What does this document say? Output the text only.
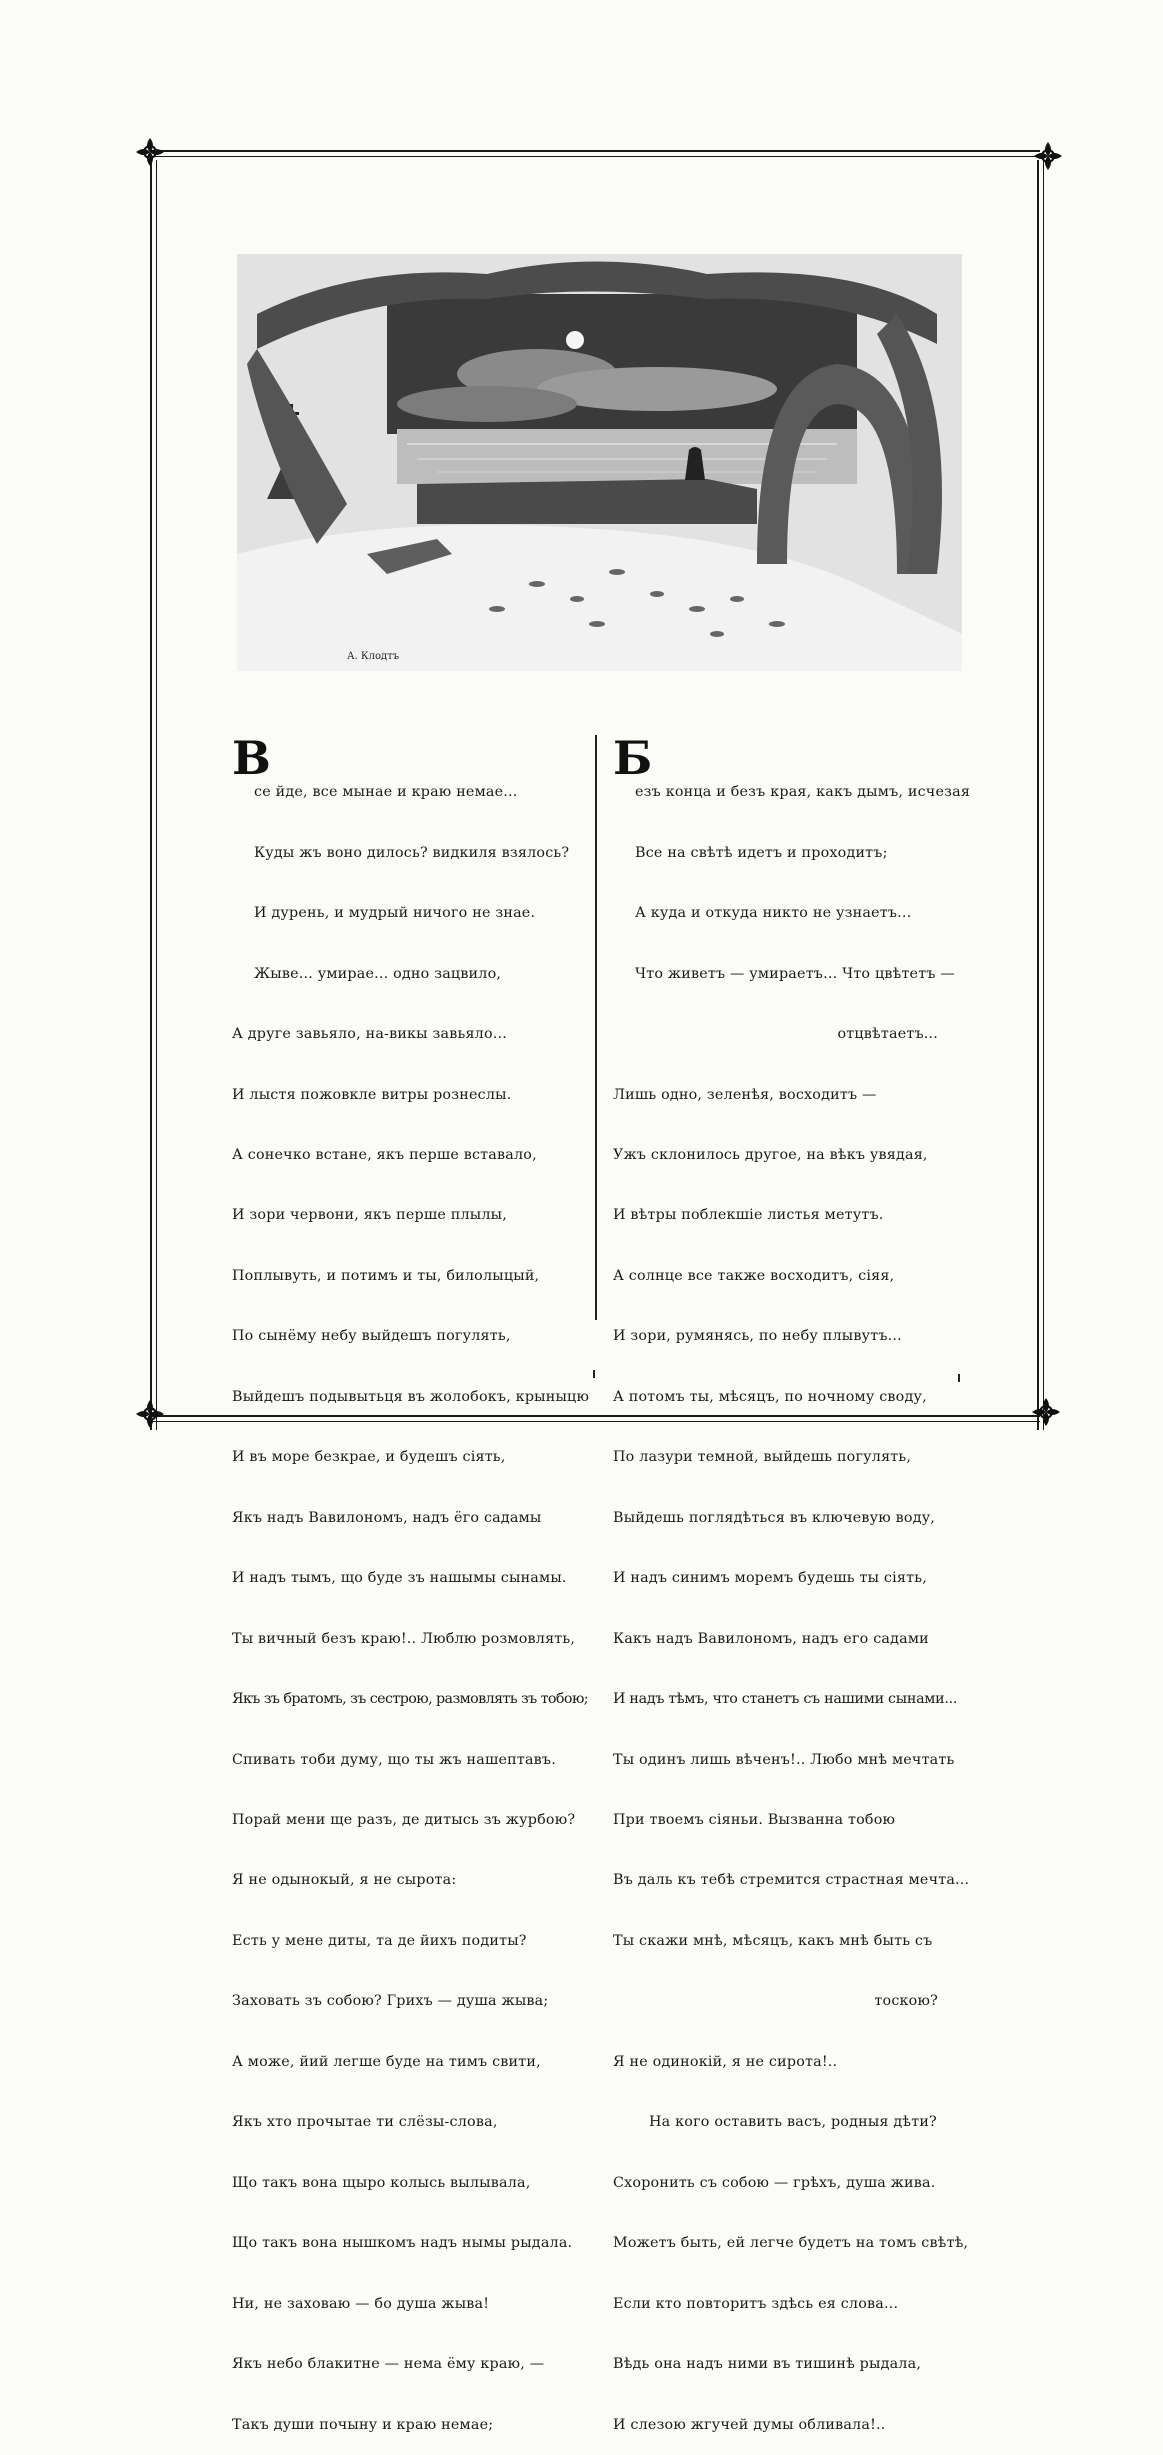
А. Клодтъ
В

се йде, все мынае и краю немае...

Куды жъ воно дилось? видкиля взялось?

И дурень, и мудрый ничого не знае.

Жыве... умирае... одно зацвило,

А друге завьяло, на-викы завьяло...

И лыстя пожовкле витры рознеслы.

А сонечко встане, якъ перше вставало,

И зори червони, якъ перше плылы,

Поплывуть, и потимъ и ты, билолыцый,

По сынёму небу выйдешъ погулять,

Выйдешъ подывытьця въ жолобокъ, крыныцю

И въ море безкрае, и будешъ сіять,

Якъ надъ Вавилономъ, надъ ёго садамы

И надъ тымъ, що буде зъ нашымы сынамы.

Ты вичный безъ краю!.. Люблю розмовлять,

Якъ зъ братомъ, зъ сестрою, размовлять зъ тобою;

Спивать тоби думу, що ты жъ нашептавъ.

Порай мени ще разъ, де дитысь зъ журбою?

Я не одынокый, я не сырота:

Есть у мене диты, та де йихъ подиты?

Заховать зъ собою? Грихъ — душа жыва;

А може, йий легше буде на тимъ свити,

Якъ хто прочытае ти слёзы-слова,

Що такъ вона щыро колысь вылывала,

Що такъ вона нышкомъ надъ нымы рыдала.

Ни, не заховаю — бо душа жыва!

Якъ небо блакитне — нема ёму краю, —

Такъ души почыну и краю немае;

Б

езъ конца и безъ края, какъ дымъ, исчезая

Все на свѣтѣ идетъ и проходитъ;

А куда и откуда никто не узнаетъ...

Что живетъ — умираетъ... Что цвѣтетъ —

отцвѣтаетъ...

Лишь одно, зеленѣя, восходитъ —

Ужъ склонилось другое, на вѣкъ увядая,

И вѣтры поблекшіе листья метутъ.

А солнце все также восходитъ, сіяя,

И зори, румянясь, по небу плывутъ...

А потомъ ты, мѣсяцъ, по ночному своду,

По лазури темной, выйдешь погулять,

Выйдешь поглядѣться въ ключевую воду,

И надъ синимъ моремъ будешь ты сіять,

Какъ надъ Вавилономъ, надъ его садами

И надъ тѣмъ, что станетъ съ нашими сынами...

Ты одинъ лишь вѣченъ!.. Любо мнѣ мечтать

При твоемъ сіяньи. Вызванна тобою

Въ даль къ тебѣ стремится страстная мечта...

Ты скажи мнѣ, мѣсяцъ, какъ мнѣ быть съ

тоскою?

Я не одинокій, я не сирота!..

На кого оставить васъ, родныя дѣти?

Схоронить съ собою — грѣхъ, душа жива.

Можетъ быть, ей легче будетъ на томъ свѣтѣ,

Если кто повторитъ здѣсь ея слова...

Вѣдь она надъ ними въ тишинѣ рыдала,

И слезою жгучей думы обливала!..
